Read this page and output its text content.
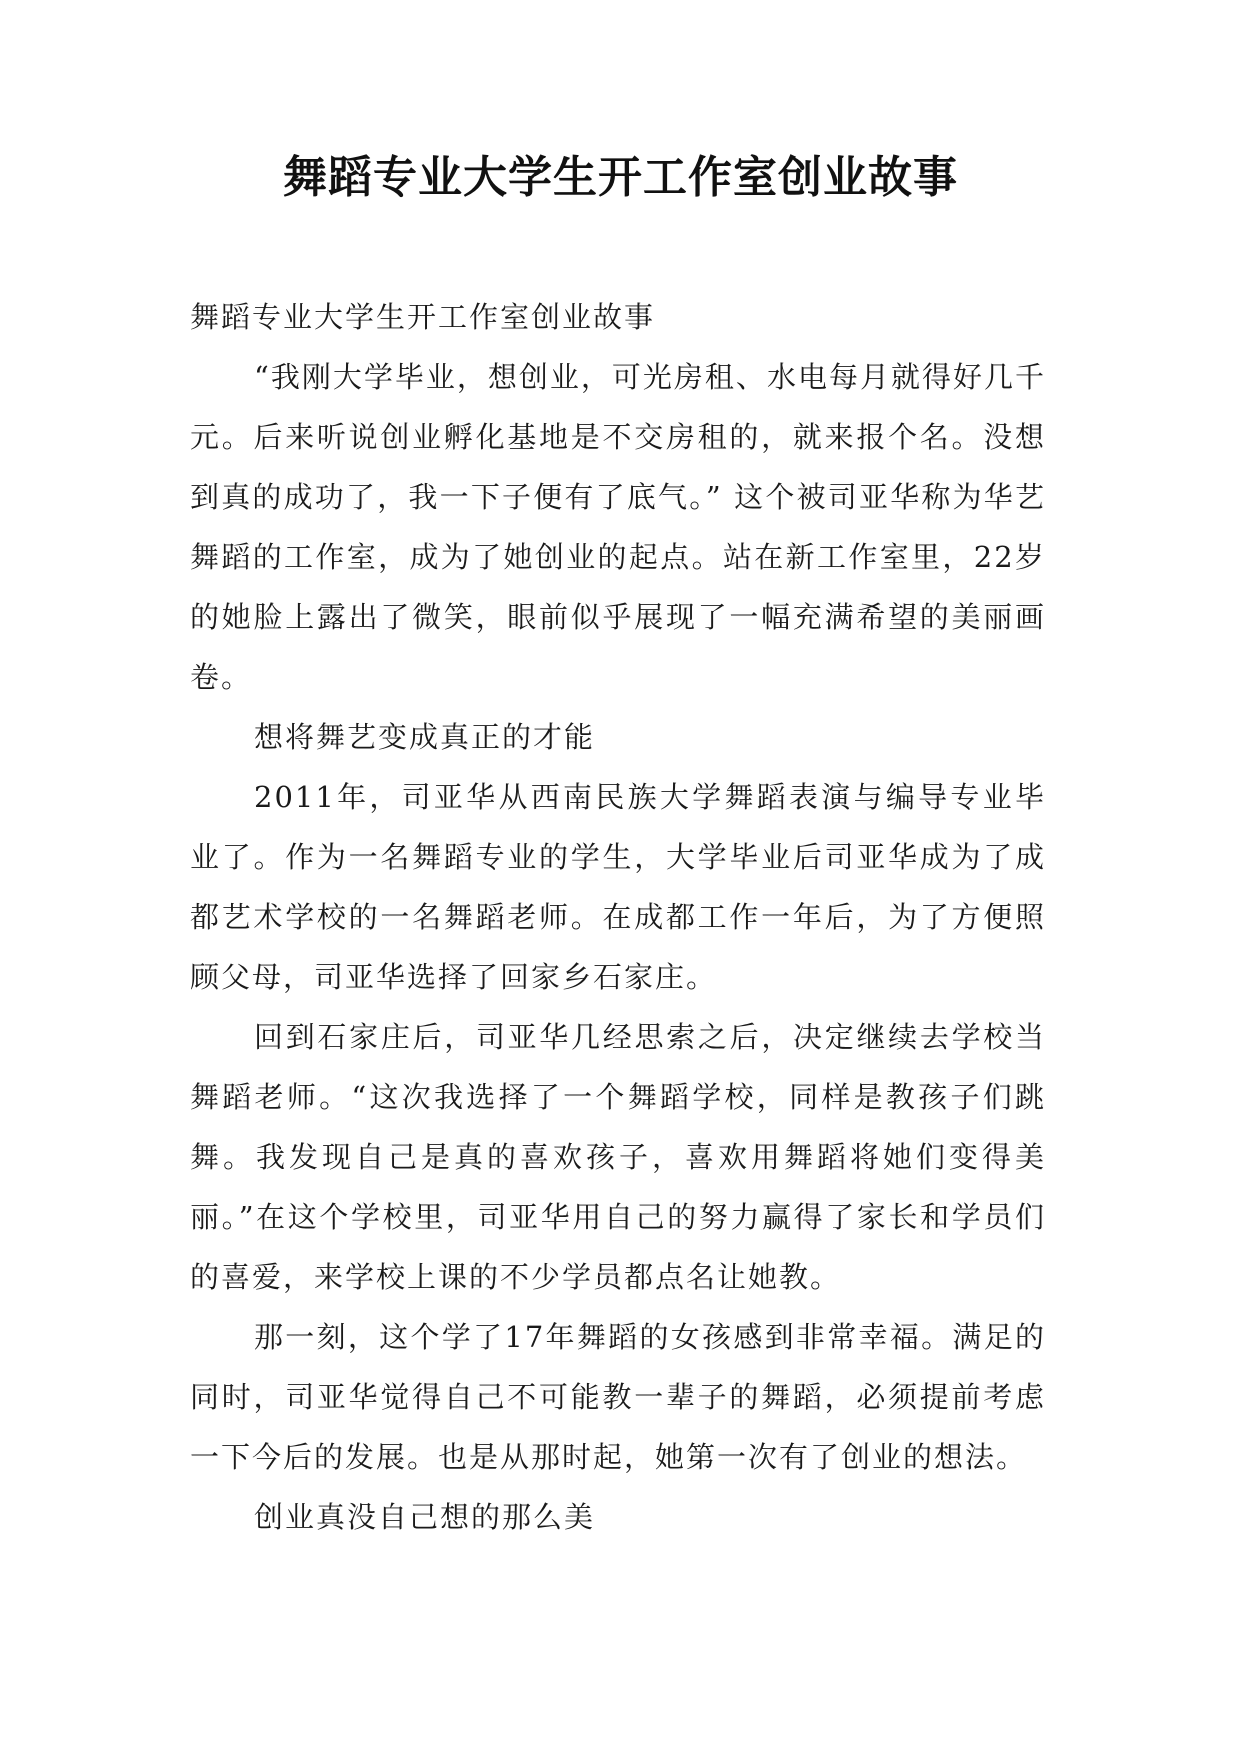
舞蹈专业大学生开工作室创业故事

舞蹈专业大学生开工作室创业故事

“我刚大学毕业，想创业，可光房租、水电每月就得好几千元。后来听说创业孵化基地是不交房租的，就来报个名。没想到真的成功了，我一下子便有了底气。” 这个被司亚华称为华艺舞蹈的工作室，成为了她创业的起点。站在新工作室里，22岁的她脸上露出了微笑，眼前似乎展现了一幅充满希望的美丽画卷。

想将舞艺变成真正的才能

2011年，司亚华从西南民族大学舞蹈表演与编导专业毕业了。作为一名舞蹈专业的学生，大学毕业后司亚华成为了成都艺术学校的一名舞蹈老师。在成都工作一年后，为了方便照顾父母，司亚华选择了回家乡石家庄。

回到石家庄后，司亚华几经思索之后，决定继续去学校当舞蹈老师。“这次我选择了一个舞蹈学校，同样是教孩子们跳舞。我发现自己是真的喜欢孩子，喜欢用舞蹈将她们变得美丽。”在这个学校里，司亚华用自己的努力赢得了家长和学员们的喜爱，来学校上课的不少学员都点名让她教。

那一刻，这个学了17年舞蹈的女孩感到非常幸福。满足的同时，司亚华觉得自己不可能教一辈子的舞蹈，必须提前考虑一下今后的发展。也是从那时起，她第一次有了创业的想法。

创业真没自己想的那么美
